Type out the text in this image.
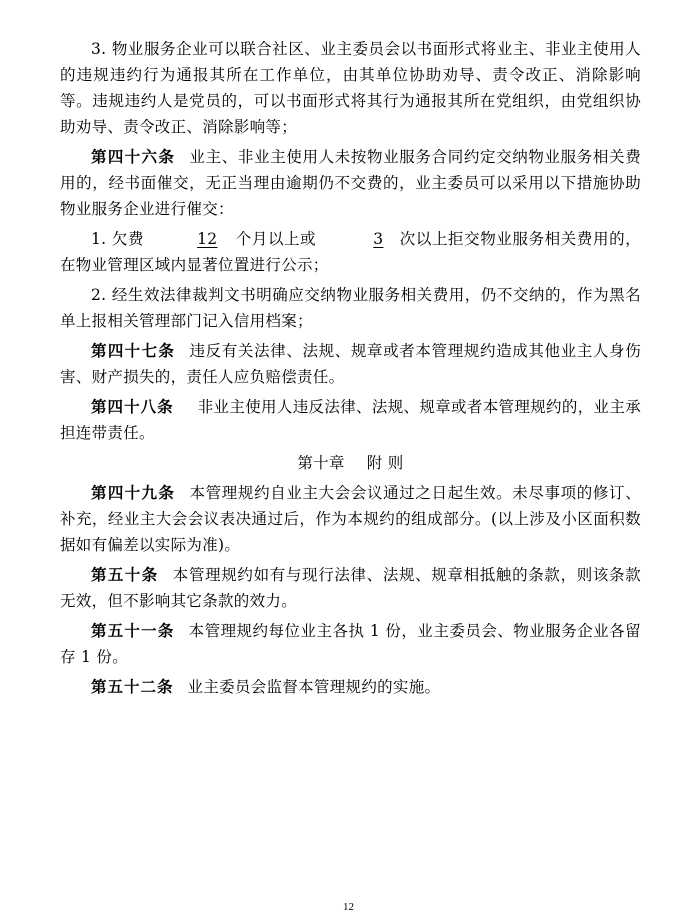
3. 物业服务企业可以联合社区、业主委员会以书面形式将业主、非业主使用人的违规违约行为通报其所在工作单位，由其单位协助劝导、责令改正、消除影响等。违规违约人是党员的，可以书面形式将其行为通报其所在党组织，由党组织协助劝导、责令改正、消除影响等；

第四十六条 业主、非业主使用人未按物业服务合同约定交纳物业服务相关费用的，经书面催交，无正当理由逾期仍不交费的，业主委员可以采用以下措施协助物业服务企业进行催交：

1. 欠费	12 个月以上或	3 次以上拒交物业服务相关费用的，在物业管理区域内显著位置进行公示；

2. 经生效法律裁判文书明确应交纳物业服务相关费用，仍不交纳的，作为黑名单上报相关管理部门记入信用档案；

第四十七条 违反有关法律、法规、规章或者本管理规约造成其他业主人身伤害、财产损失的，责任人应负赔偿责任。

第四十八条 非业主使用人违反法律、法规、规章或者本管理规约的，业主承担连带责任。

第十章 附 则

第四十九条 本管理规约自业主大会会议通过之日起生效。未尽事项的修订、补充，经业主大会会议表决通过后，作为本规约的组成部分。(以上涉及小区面积数据如有偏差以实际为准)。

第五十条 本管理规约如有与现行法律、法规、规章相抵触的条款，则该条款无效，但不影响其它条款的效力。

第五十一条 本管理规约每位业主各执 1 份，业主委员会、物业服务企业各留存 1 份。

第五十二条 业主委员会监督本管理规约的实施。

12
